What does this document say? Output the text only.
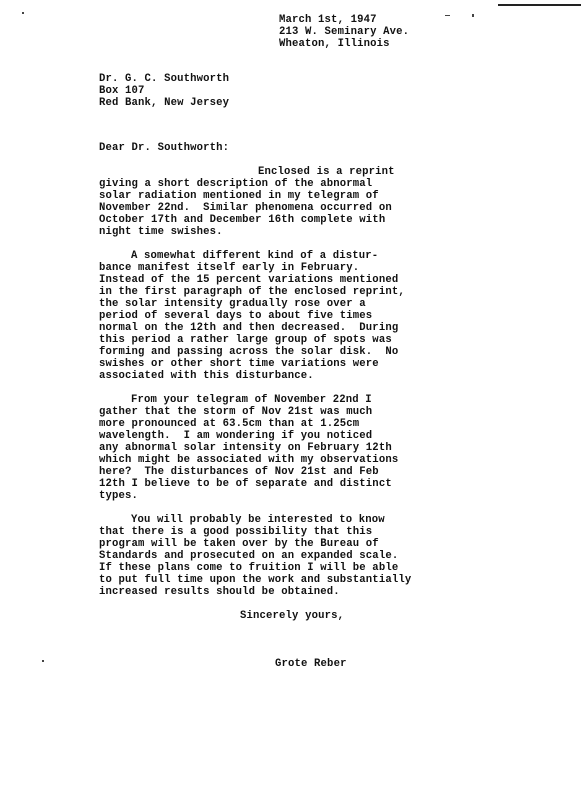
March 1st, 1947
213 W. Seminary Ave.
Wheaton, Illinois
Dr. G. C. Southworth
Box 107
Red Bank, New Jersey
Dear Dr. Southworth:
Enclosed is a reprint
giving a short description of the abnormal
solar radiation mentioned in my telegram of
November 22nd.  Similar phenomena occurred on
October 17th and December 16th complete with
night time swishes.
A somewhat different kind of a distur-
bance manifest itself early in February.
Instead of the 15 percent variations mentioned
in the first paragraph of the enclosed reprint,
the solar intensity gradually rose over a
period of several days to about five times
normal on the 12th and then decreased.  During
this period a rather large group of spots was
forming and passing across the solar disk.  No
swishes or other short time variations were
associated with this disturbance.
From your telegram of November 22nd I
gather that the storm of Nov 21st was much
more pronounced at 63.5cm than at 1.25cm
wavelength.  I am wondering if you noticed
any abnormal solar intensity on February 12th
which might be associated with my observations
here?  The disturbances of Nov 21st and Feb
12th I believe to be of separate and distinct
types.
You will probably be interested to know
that there is a good possibility that this
program will be taken over by the Bureau of
Standards and prosecuted on an expanded scale.
If these plans come to fruition I will be able
to put full time upon the work and substantially
increased results should be obtained.
Sincerely yours,
Grote Reber
